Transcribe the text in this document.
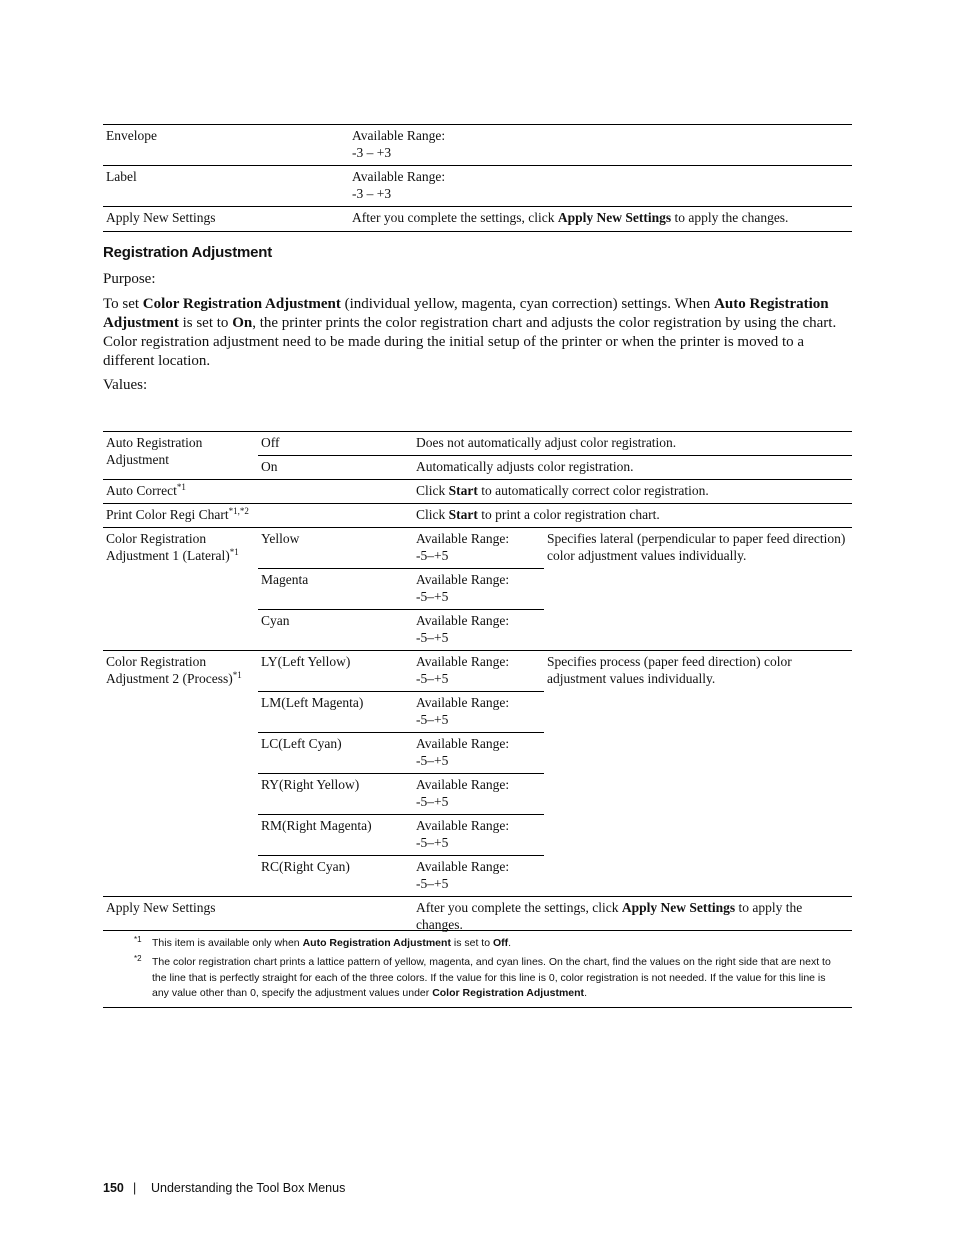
Envelope	Available Range:
-3 – +3
Label	Available Range:
-3 – +3
Apply New Settings	After you complete the settings, click Apply New Settings to apply the changes.
Registration Adjustment
Purpose:
To set Color Registration Adjustment (individual yellow, magenta, cyan correction) settings. When Auto Registration Adjustment is set to On, the printer prints the color registration chart and adjusts the color registration by using the chart. Color registration adjustment need to be made during the initial setup of the printer or when the printer is moved to a different location.
Values:
Auto Registration Adjustment	Off	Does not automatically adjust color registration.	
	On	Automatically adjusts color registration.	
Auto Correct$^{*1}$		Click Start to automatically correct color registration.	
Print Color Regi Chart$^{*1,*2}$		Click Start to print a color registration chart.	
Color Registration Adjustment 1 (Lateral)$^{*1}$	Yellow	Available Range:
-5–+5	Specifies lateral (perpendicular to paper feed direction) color adjustment values individually.
	Magenta	Available Range:
-5–+5	
	Cyan	Available Range:
-5–+5	
Color Registration Adjustment 2 (Process)$^{*1}$	LY(Left Yellow)	Available Range:
-5–+5	Specifies process (paper feed direction) color adjustment values individually.
	LM(Left Magenta)	Available Range:
-5–+5	
	LC(Left Cyan)	Available Range:
-5–+5	
	RY(Right Yellow)	Available Range:
-5–+5	
	RM(Right Magenta)	Available Range:
-5–+5	
	RC(Right Cyan)	Available Range:
-5–+5	
Apply New Settings		After you complete the settings, click Apply New Settings to apply the changes.	
*1 This item is available only when Auto Registration Adjustment is set to Off.
*2 The color registration chart prints a lattice pattern of yellow, magenta, and cyan lines. On the chart, find the values on the right side that are next to the line that is perfectly straight for each of the three colors. If the value for this line is 0, color registration is not needed. If the value for this line is any value other than 0, specify the adjustment values under Color Registration Adjustment.
150 | Understanding the Tool Box Menus
